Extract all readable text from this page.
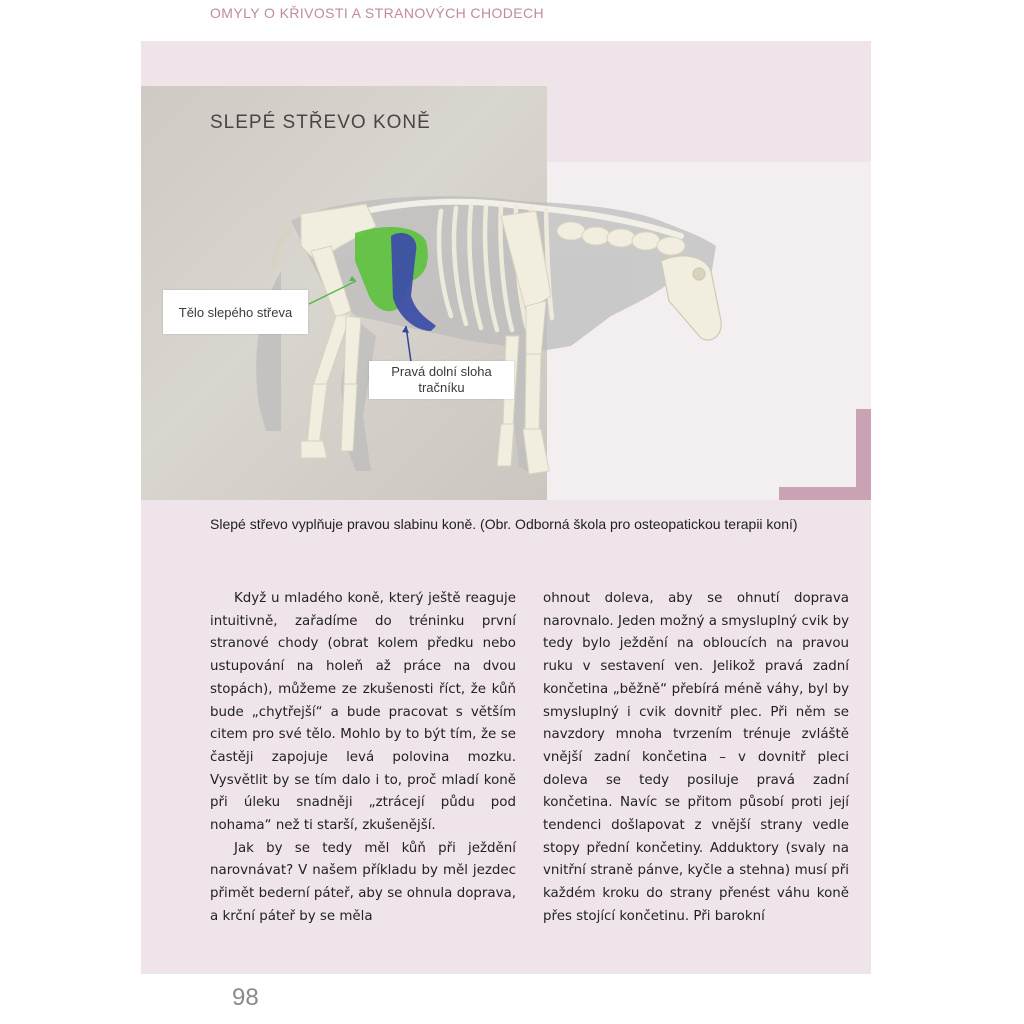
OMYLY O KŘIVOSTI A STRANOVÝCH CHODECH
SLEPÉ STŘEVO KONĚ
Tělo slepého střeva
Pravá dolní sloha
tračníku
Slepé střevo vyplňuje pravou slabinu koně. (Obr. Odborná škola pro osteopatickou terapii koní)

Když u mladého koně, který ještě reaguje intuitivně, zařadíme do tréninku první stranové chody (obrat kolem předku nebo ustupování na holeň až práce na dvou stopách), můžeme ze zkušenosti říct, že kůň bude „chytřejší“ a bude pracovat s větším citem pro své tělo. Mohlo by to být tím, že se častěji zapojuje levá polovina mozku. Vysvětlit by se tím dalo i to, proč mladí koně při úleku snadněji „ztrácejí půdu pod nohama“ než ti starší, zkušenější.

Jak by se tedy měl kůň při ježdění narovnávat? V našem příkladu by měl jezdec přimět bederní páteř, aby se ohnula doprava, a krční páteř by se měla

ohnout doleva, aby se ohnutí doprava narovnalo. Jeden možný a smysluplný cvik by tedy bylo ježdění na obloucích na pravou ruku v sestavení ven. Jelikož pravá zadní končetina „běžně“ přebírá méně váhy, byl by smysluplný i cvik dovnitř plec. Při něm se navzdory mnoha tvrzením trénuje zvláště vnější zadní končetina – v dovnitř pleci doleva se tedy posiluje pravá zadní končetina. Navíc se přitom působí proti její tendenci došlapovat z vnější strany vedle stopy přední končetiny. Adduktory (svaly na vnitřní straně pánve, kyčle a stehna) musí při každém kroku do strany přenést váhu koně přes stojící končetinu. Při barokní

98
